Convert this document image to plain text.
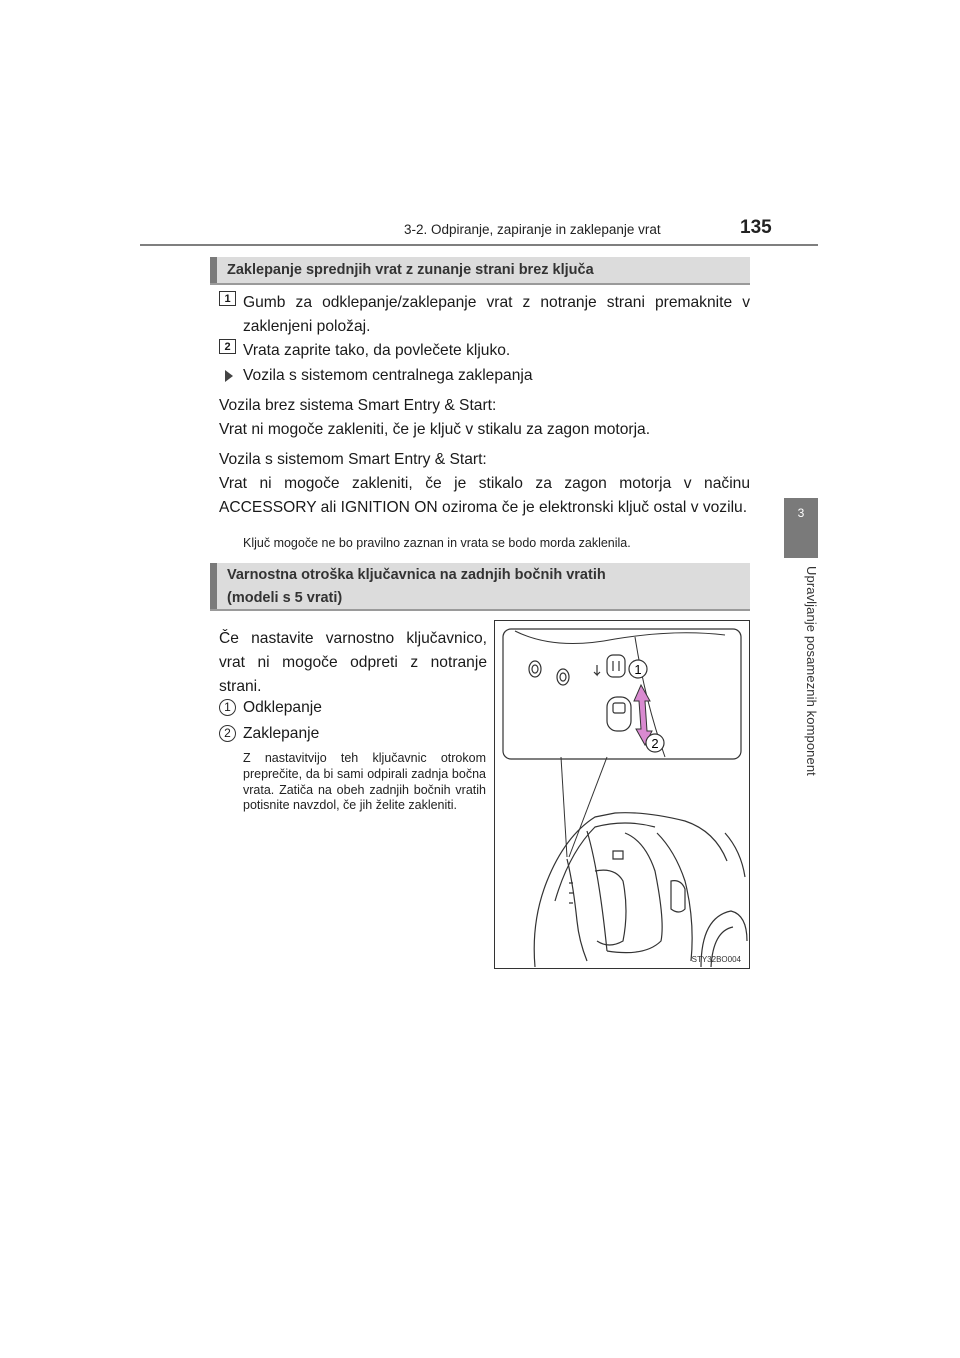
3-2. Odpiranje, zapiranje in zaklepanje vrat	135
3
Upravljanje posameznih komponent
Zaklepanje sprednjih vrat z zunanje strani brez ključa
1 Gumb za odklepanje/zaklepanje vrat z notranje strani premaknite v zaklenjeni položaj.
2 Vrata zaprite tako, da povlečete kljuko.
Vozila s sistemom centralnega zaklepanja
Vozila brez sistema Smart Entry & Start:
Vrat ni mogoče zakleniti, če je ključ v stikalu za zagon motorja.
Vozila s sistemom Smart Entry & Start:
Vrat ni mogoče zakleniti, če je stikalo za zagon motorja v načinu ACCESSORY ali IGNITION ON oziroma če je elektronski ključ ostal v vozilu.
Ključ mogoče ne bo pravilno zaznan in vrata se bodo morda zaklenila.
Varnostna otroška ključavnica na zadnjih bočnih vratih
(modeli s 5 vrati)
Če nastavite varnostno ključavnico, vrat ni mogoče odpreti z notranje strani.
1 Odklepanje
2 Zaklepanje
Z nastavitvijo teh ključavnic otrokom preprečite, da bi sami odpirali zadnja bočna vrata. Zatiča na obeh zadnjih bočnih vratih potisnite navzdol, če jih želite zakleniti.
1
2
STY32BO004
